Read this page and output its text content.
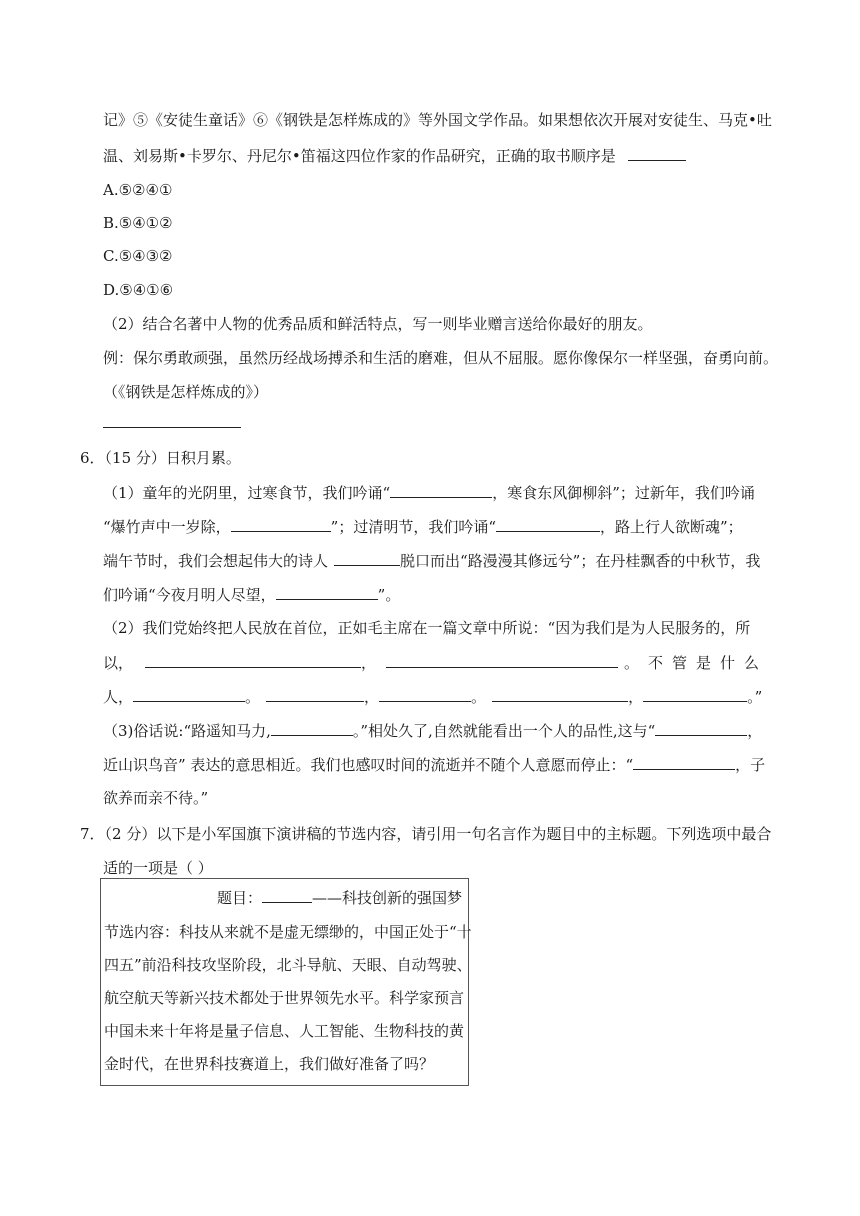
记》⑤《安徒生童话》⑥《钢铁是怎样炼成的》等外国文学作品。如果想依次开展对安徒生、马克•吐
温、刘易斯•卡罗尔、丹尼尔•笛福这四位作家的作品研究，正确的取书顺序是
A.⑤②④①
B.⑤④①②
C.⑤④③②
D.⑤④①⑥
（2）结合名著中人物的优秀品质和鲜活特点，写一则毕业赠言送给你最好的朋友。
例：保尔勇敢顽强，虽然历经战场搏杀和生活的磨难，但从不屈服。愿你像保尔一样坚强，奋勇向前。
（《钢铁是怎样炼成的》）
6．（15 分）日积月累。
（1）童年的光阴里，过寒食节，我们吟诵“	，寒食东风御柳斜”；过新年，我们吟诵
“爆竹声中一岁除，	”；过清明节，我们吟诵“	，路上行人欲断魂”；
端午节时，我们会想起伟大的诗人	脱口而出“路漫漫其修远兮”；在丹桂飘香的中秋节，我
们吟诵“今夜月明人尽望，	”。
（2）我们党始终把人民放在首位，正如毛主席在一篇文章中所说：“因为我们是为人民服务的，所
以，	，	。不管是什么
人，	。	，	。	，	。”
（3)俗话说:“路遥知马力,	。”相处久了,自然就能看出一个人的品性,这与“	，
近山识鸟音” 表达的意思相近。我们也感叹时间的流逝并不随个人意愿而停止：“	，子
欲养而亲不待。”
7．（2 分）以下是小军国旗下演讲稿的节选内容，请引用一句名言作为题目中的主标题。下列选项中最合
适的一项是（ ）
题目：	——科技创新的强国梦
节选内容：科技从来就不是虚无缥缈的，中国正处于“十
四五”前沿科技攻坚阶段，北斗导航、天眼、自动驾驶、
航空航天等新兴技术都处于世界领先水平。科学家预言
中国未来十年将是量子信息、人工智能、生物科技的黄
金时代，在世界科技赛道上，我们做好准备了吗？
